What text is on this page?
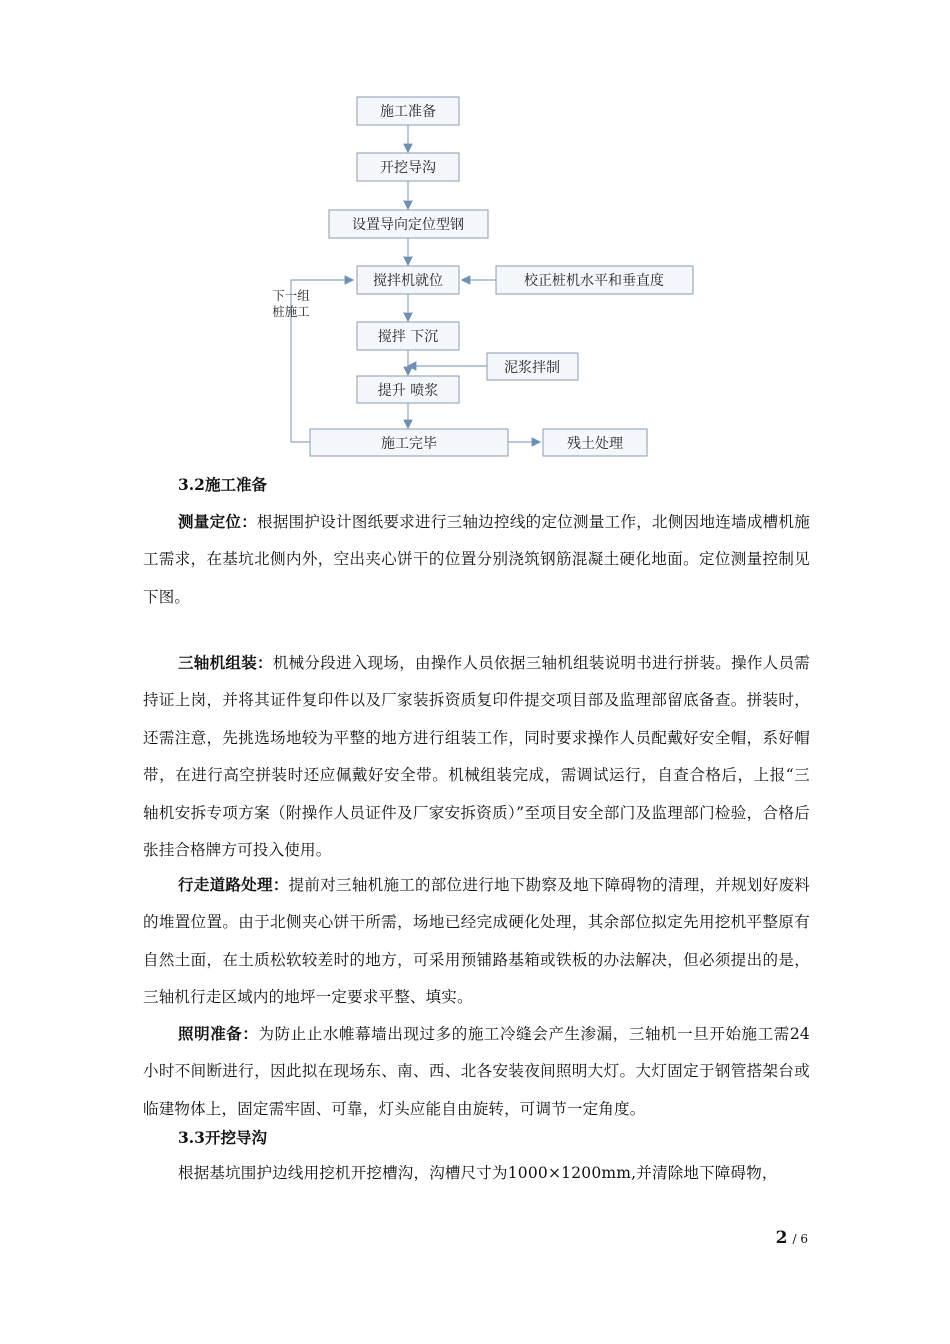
施工准备
开挖导沟
设置导向定位型钢
搅拌机就位
搅拌 下沉
提升 喷浆
施工完毕
校正桩机水平和垂直度
泥浆拌制
残土处理
下一组
桩施工
3.2施工准备
测量定位：根据围护设计图纸要求进行三轴边控线的定位测量工作，北侧因地连墙成槽机施工需求，在基坑北侧内外，空出夹心饼干的位置分别浇筑钢筋混凝土硬化地面。定位测量控制见下图。
三轴机组装：机械分段进入现场，由操作人员依据三轴机组装说明书进行拼装。操作人员需持证上岗，并将其证件复印件以及厂家装拆资质复印件提交项目部及监理部留底备查。拼装时，还需注意，先挑选场地较为平整的地方进行组装工作，同时要求操作人员配戴好安全帽，系好帽带，在进行高空拼装时还应佩戴好安全带。机械组装完成，需调试运行，自查合格后，上报“三轴机安拆专项方案（附操作人员证件及厂家安拆资质）”至项目安全部门及监理部门检验，合格后张挂合格牌方可投入使用。
行走道路处理：提前对三轴机施工的部位进行地下勘察及地下障碍物的清理，并规划好废料的堆置位置。由于北侧夹心饼干所需，场地已经完成硬化处理，其余部位拟定先用挖机平整原有自然土面，在土质松软较差时的地方，可采用预铺路基箱或铁板的办法解决，但必须提出的是，三轴机行走区域内的地坪一定要求平整、填实。
照明准备：为防止止水帷幕墙出现过多的施工冷缝会产生渗漏，三轴机一旦开始施工需24小时不间断进行，因此拟在现场东、南、西、北各安装夜间照明大灯。大灯固定于钢管搭架台或临建物体上，固定需牢固、可靠，灯头应能自由旋转，可调节一定角度。
3.3开挖导沟
根据基坑围护边线用挖机开挖槽沟，沟槽尺寸为1000×1200mm,并清除地下障碍物，
2 / 6
